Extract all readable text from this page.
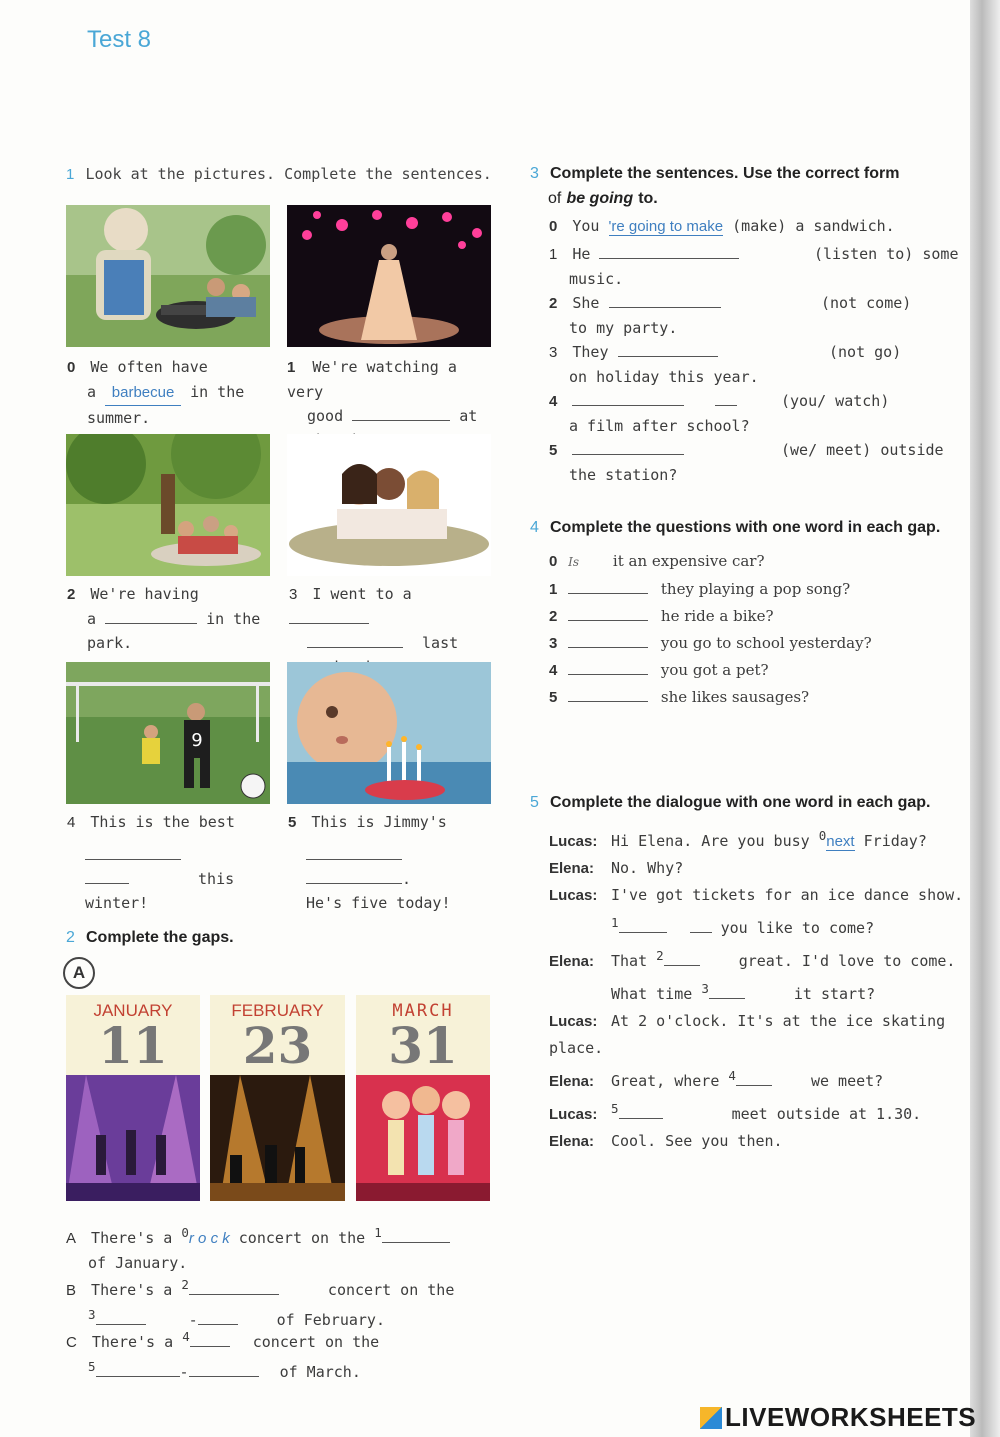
Test 8
1 Look at the pictures. Complete the sentences.
0 We often have
a barbecue in the
summer.
1 We're watching a very
good	at
2 We're having
a	in the
park.
3 I went to a
last
9
4 This is the best
this
winter!
5 This is Jimmy's
.
He's five today!
2 Complete the gaps.
A
JANUARY
11
FEBRUARY
23
MARCH
31
A There's a $^0$r o c k concert on the $^1$
of January.
B There's a $^2$	concert on the
$^3$	-	of February.
C There's a $^4$	concert on the
$^5$	-	of March.
3 Complete the sentences. Use the correct form
of be going to.
0 You 're going to make (make) a sandwich.
1 He	(listen to) some
music.
2 She	(not come)
to my party.
3 They	(not go)
on holiday this year.
4	(you/ watch)
a film after school?
5	(we/ meet) outside
the station?
4 Complete the questions with one word in each gap.
0 Is it an expensive car?
1	they playing a pop song?
2	he ride a bike?
3	you go to school yesterday?
4	you got a pet?
5	she likes sausages?
5 Complete the dialogue with one word in each gap.
Lucas: Hi Elena. Are you busy $^0$next Friday?
Elena: No. Why?
Lucas: I've got tickets for an ice dance show.
$^1$	you like to come?
Elena: That $^2$	great. I'd love to come.
What time $^3$	it start?
Lucas: At 2 o'clock. It's at the ice skating place.
Elena: Great, where $^4$	we meet?
Lucas: $^5$	meet outside at 1.30.
Elena: Cool. See you then.
LIVEWORKSHEETS
